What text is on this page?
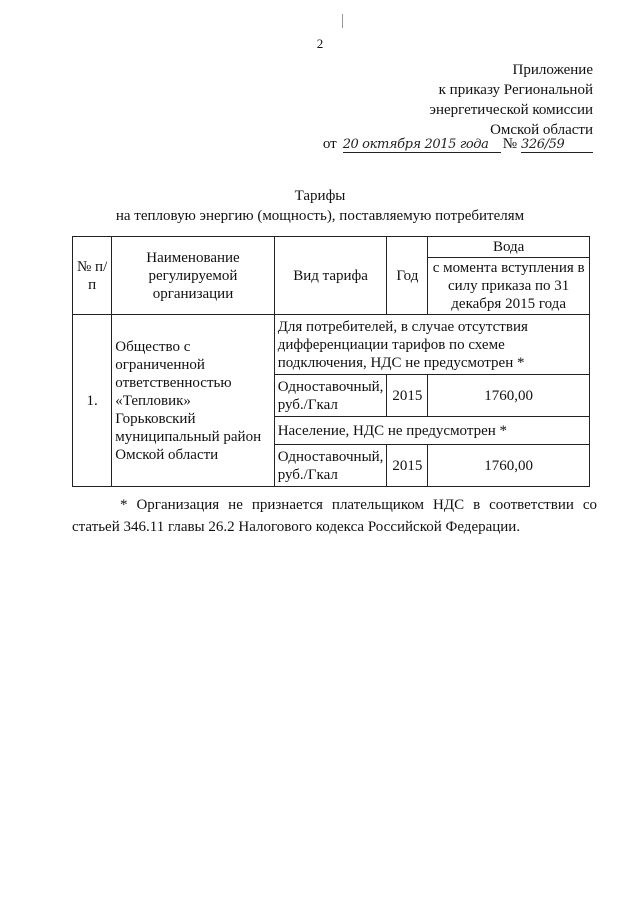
2
Приложение
к приказу Региональной
энергетической комиссии
Омской области
от 20 октября 2015 года № 326/59
Тарифы
на тепловую энергию (мощность), поставляемую потребителям
№ п/п	Наименование регулируемой организации	Вид тарифа	Год	Вода
				с момента вступления в силу приказа по 31 декабря 2015 года
1.	Общество с ограниченной ответственностью «Тепловик» Горьковский муниципальный район Омской области	Для потребителей, в случае отсутствия дифференциации тарифов по схеме подключения, НДС не предусмотрен *		
		Одноставочный, руб./Гкал	2015	1760,00
		Население, НДС не предусмотрен *		
		Одноставочный, руб./Гкал	2015	1760,00
* Организация не признается плательщиком НДС в соответствии со статьей 346.11 главы 26.2 Налогового кодекса Российской Федерации.
